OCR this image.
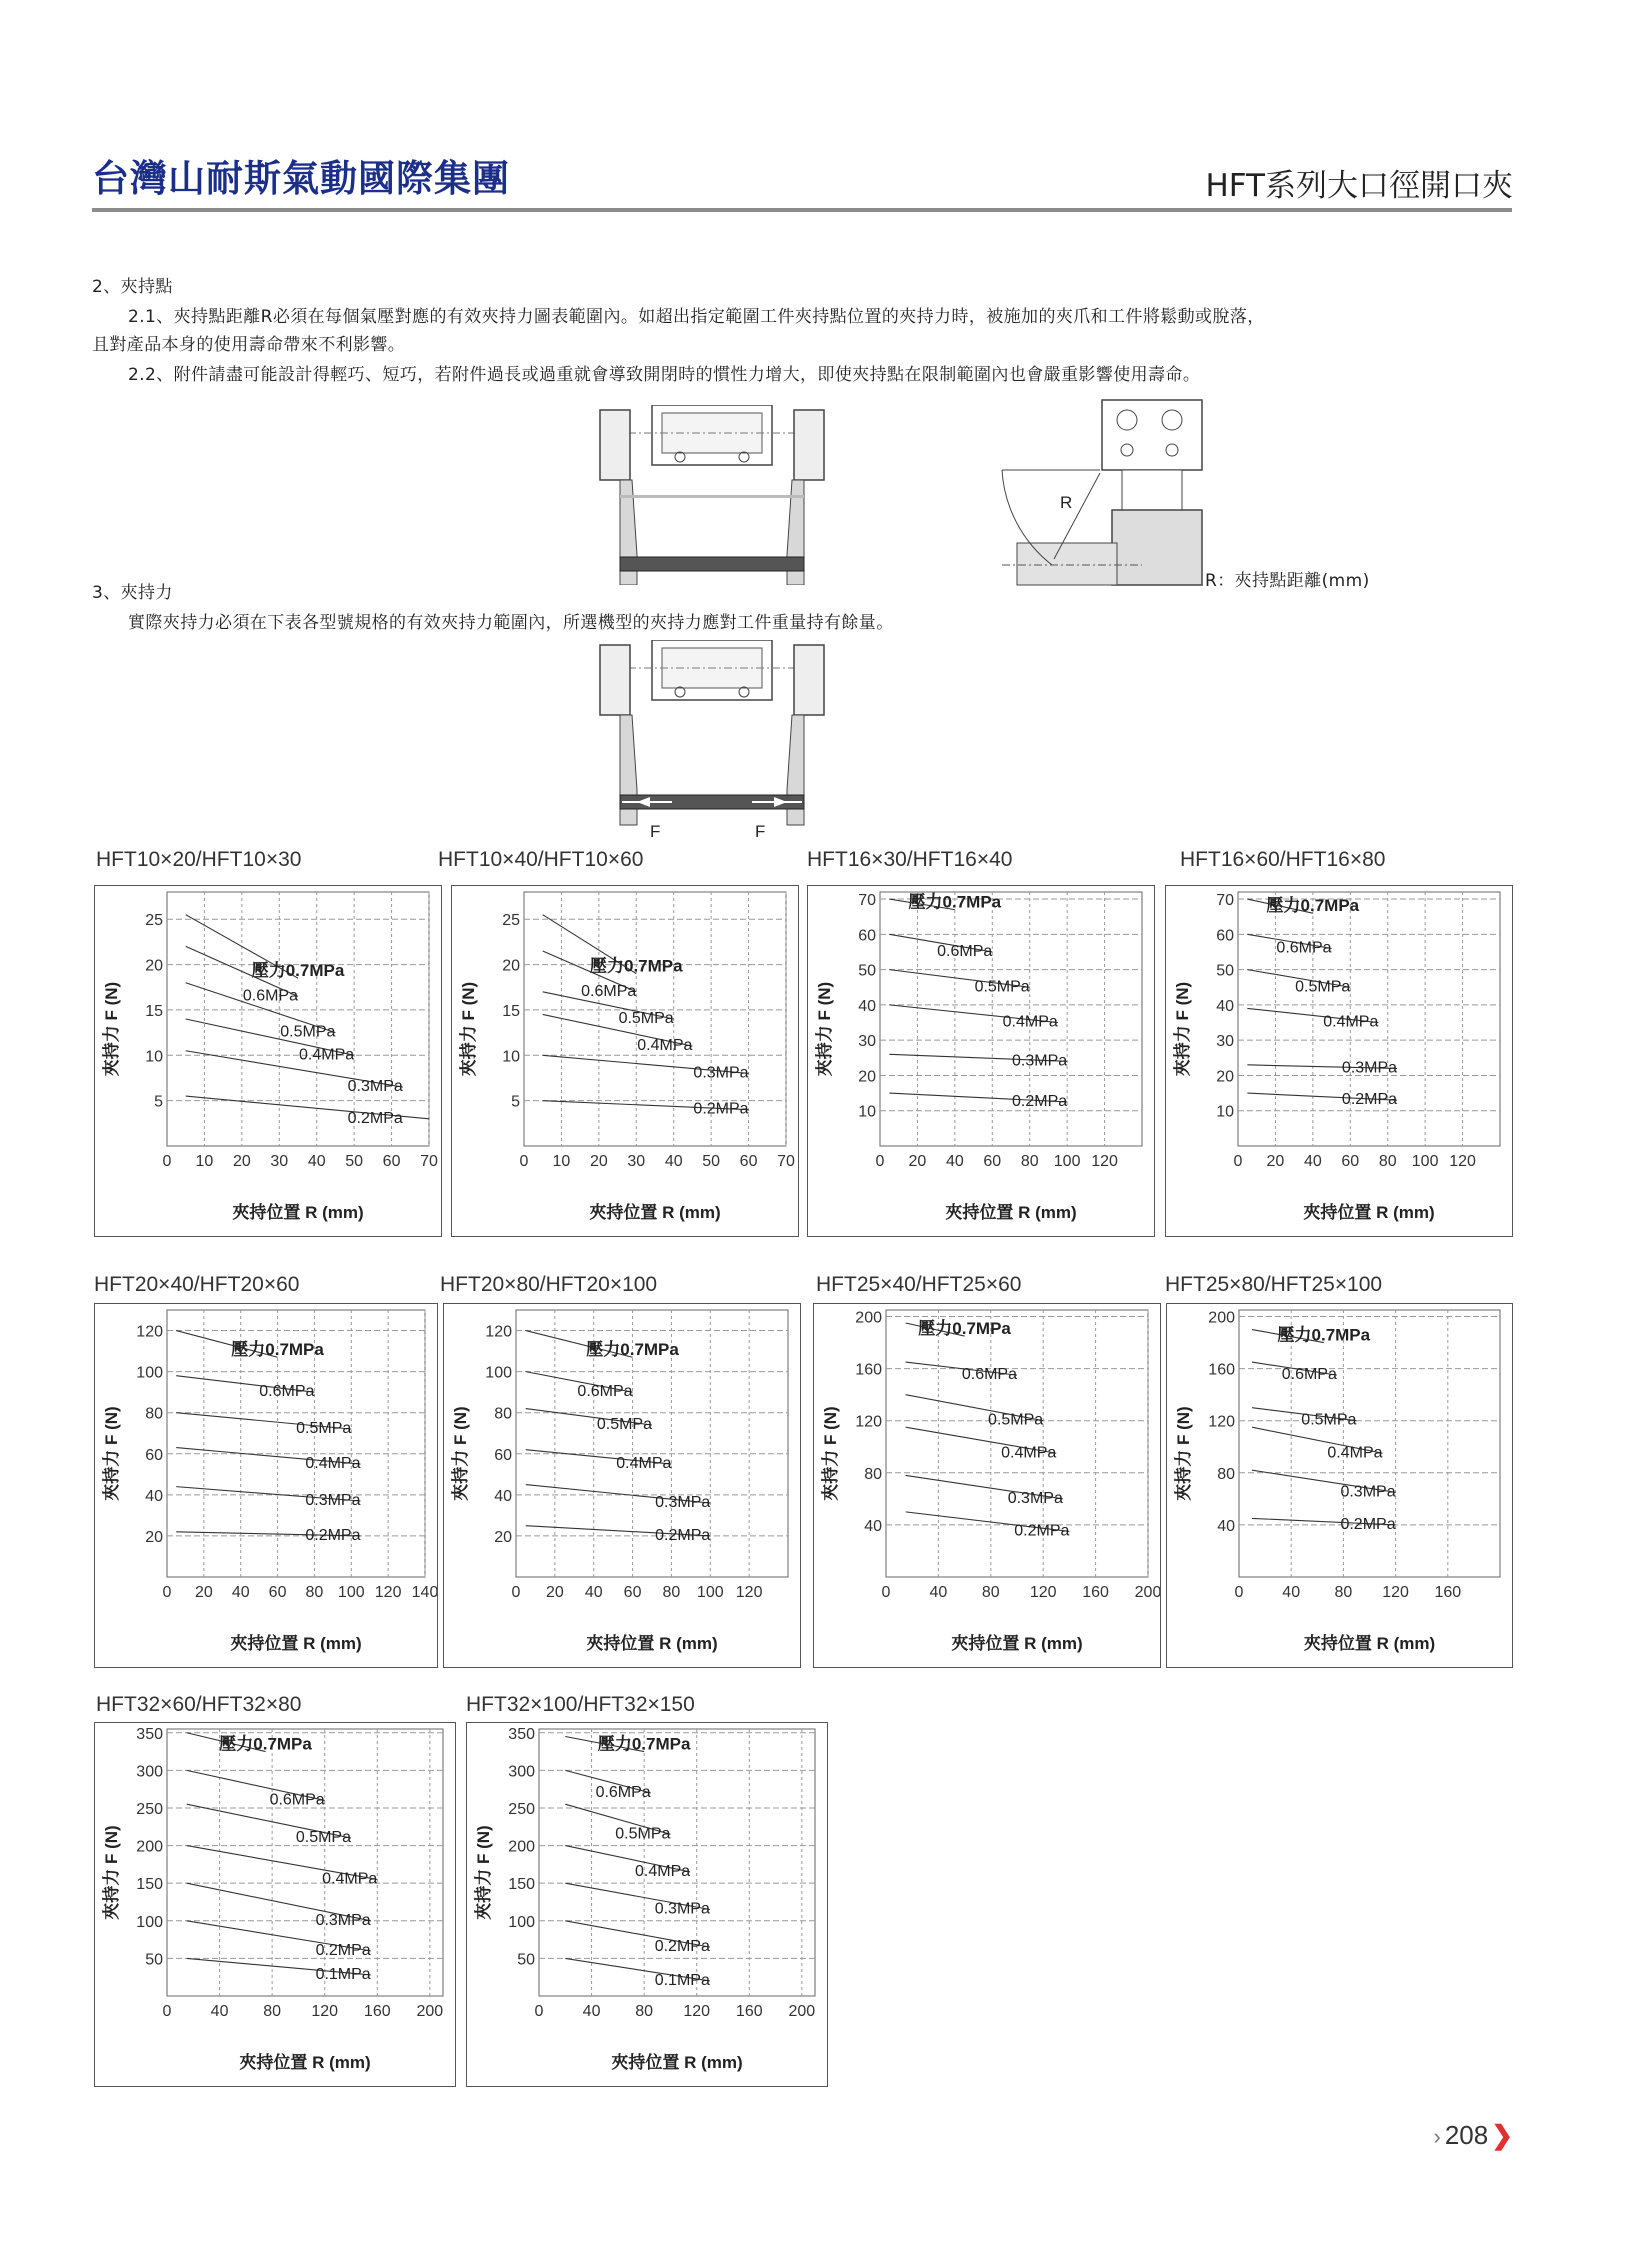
台灣山耐斯氣動國際集團	HFT系列大口徑開口夾
2、夾持點
2.1、夾持點距離R必須在每個氣壓對應的有效夾持力圖表範圍內。如超出指定範圍工件夾持點位置的夾持力時，被施加的夾爪和工件將鬆動或脫落，
且對產品本身的使用壽命帶來不利影響。
2.2、附件請盡可能設計得輕巧、短巧，若附件過長或過重就會導致開閉時的慣性力增大，即使夾持點在限制範圍內也會嚴重影響使用壽命。
R
R：夾持點距離(mm)
3、夾持力
實際夾持力必須在下表各型號規格的有效夾持力範圍內，所選機型的夾持力應對工件重量持有餘量。
F	F
HFT10×20/HFT10×30
0 10 20 30 40 50 60 70
5
10
15
20
25
壓力0.7MPa
0.6MPa
0.5MPa
0.4MPa
0.3MPa
0.2MPa
夾持力 F (N)
夾持位置 R (mm)
HFT10×40/HFT10×60
0 10 20 30 40 50 60 70
5
10
15
20
25
壓力0.7MPa
0.6MPa
0.5MPa
0.4MPa
0.3MPa
0.2MPa
夾持力 F (N)
夾持位置 R (mm)
HFT16×30/HFT16×40
0 20 40 60 80 100 120
10
20
30
40
50
60
70 壓力0.7MPa
0.6MPa
0.5MPa
0.4MPa
0.3MPa
0.2MPa
夾持力 F (N)
夾持位置 R (mm)
HFT16×60/HFT16×80
0 20 40 60 80 100 120
10
20
30
40
50
60
70 壓力0.7MPa
0.6MPa
0.5MPa
0.4MPa
0.3MPa
0.2MPa
夾持力 F (N)
夾持位置 R (mm)
HFT20×40/HFT20×60
0 20 40 60 80 100 120 140
20
40
60
80
100
120
壓力0.7MPa
0.6MPa
0.5MPa
0.4MPa
0.3MPa
0.2MPa
夾持力 F (N)
夾持位置 R (mm)
HFT20×80/HFT20×100
0 20 40 60 80 100 120
20
40
60
80
100
120
壓力0.7MPa
0.6MPa
0.5MPa
0.4MPa
0.3MPa
0.2MPa
夾持力 F (N)
夾持位置 R (mm)
HFT25×40/HFT25×60
0 40 80 120 160 200
40
80
120
160
200
壓力0.7MPa
0.6MPa
0.5MPa
0.4MPa
0.3MPa
0.2MPa
夾持力 F (N)
夾持位置 R (mm)
HFT25×80/HFT25×100
0 40 80 120 160
40
80
120
160
200
壓力0.7MPa
0.6MPa
0.5MPa
0.4MPa
0.3MPa
0.2MPa
夾持力 F (N)
夾持位置 R (mm)
HFT32×60/HFT32×80
0 40 80 120 160 200
50
100
150
200
250
300
350
壓力0.7MPa
0.6MPa
0.5MPa
0.4MPa
0.3MPa
0.2MPa
0.1MPa
夾持力 F (N)
夾持位置 R (mm)
HFT32×100/HFT32×150
0 40 80 120 160 200
50
100
150
200
250
300
350
壓力0.7MPa
0.6MPa
0.5MPa
0.4MPa
0.3MPa
0.2MPa
0.1MPa
夾持力 F (N)
夾持位置 R (mm)
› 208 ❯
